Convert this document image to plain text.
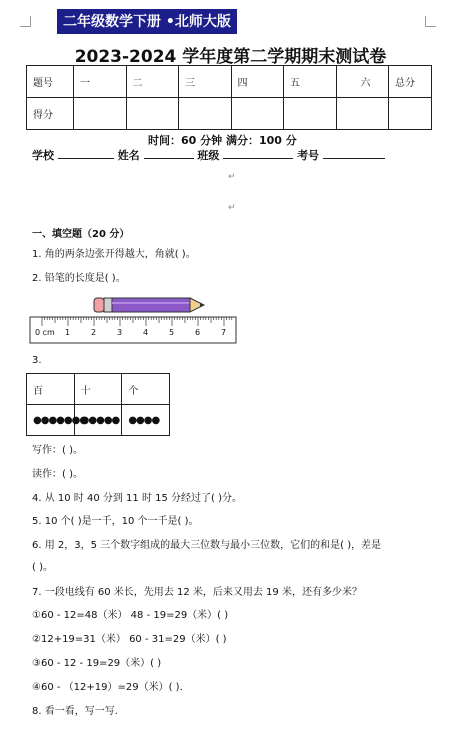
二年级数学下册 •北师大版
2023-2024 学年度第二学期期末测试卷
题号	一	二	三	四	五	六	总分
得分							
时间：60 分钟 满分：100 分
学校	姓名	班级	考号
一、填空题（20 分）
1. 角的两条边张开得越大，角就( )。
2. 铅笔的长度是( )。
0 cm 1	2	3	4	5	6	7
3.
百	十	个
●●●●●●●	●●●●●	●●●●
写作：( )。
读作：( )。
4. 从 10 时 40 分到 11 时 15 分经过了( )分。
5. 10 个( )是一千，10 个一千是( )。
6. 用 2，3，5 三个数字组成的最大三位数与最小三位数，它们的和是( )，差是
( )。
7. 一段电线有 60 米长，先用去 12 米，后来又用去 19 米，还有多少米？
①60 - 12=48（米） 48 - 19=29（米）( )
②12+19=31（米） 60 - 31=29（米）( )
③60 - 12 - 19=29（米）( )
④60 - （12+19）=29（米）( ).
8. 看一看，写一写.
↵
↵
